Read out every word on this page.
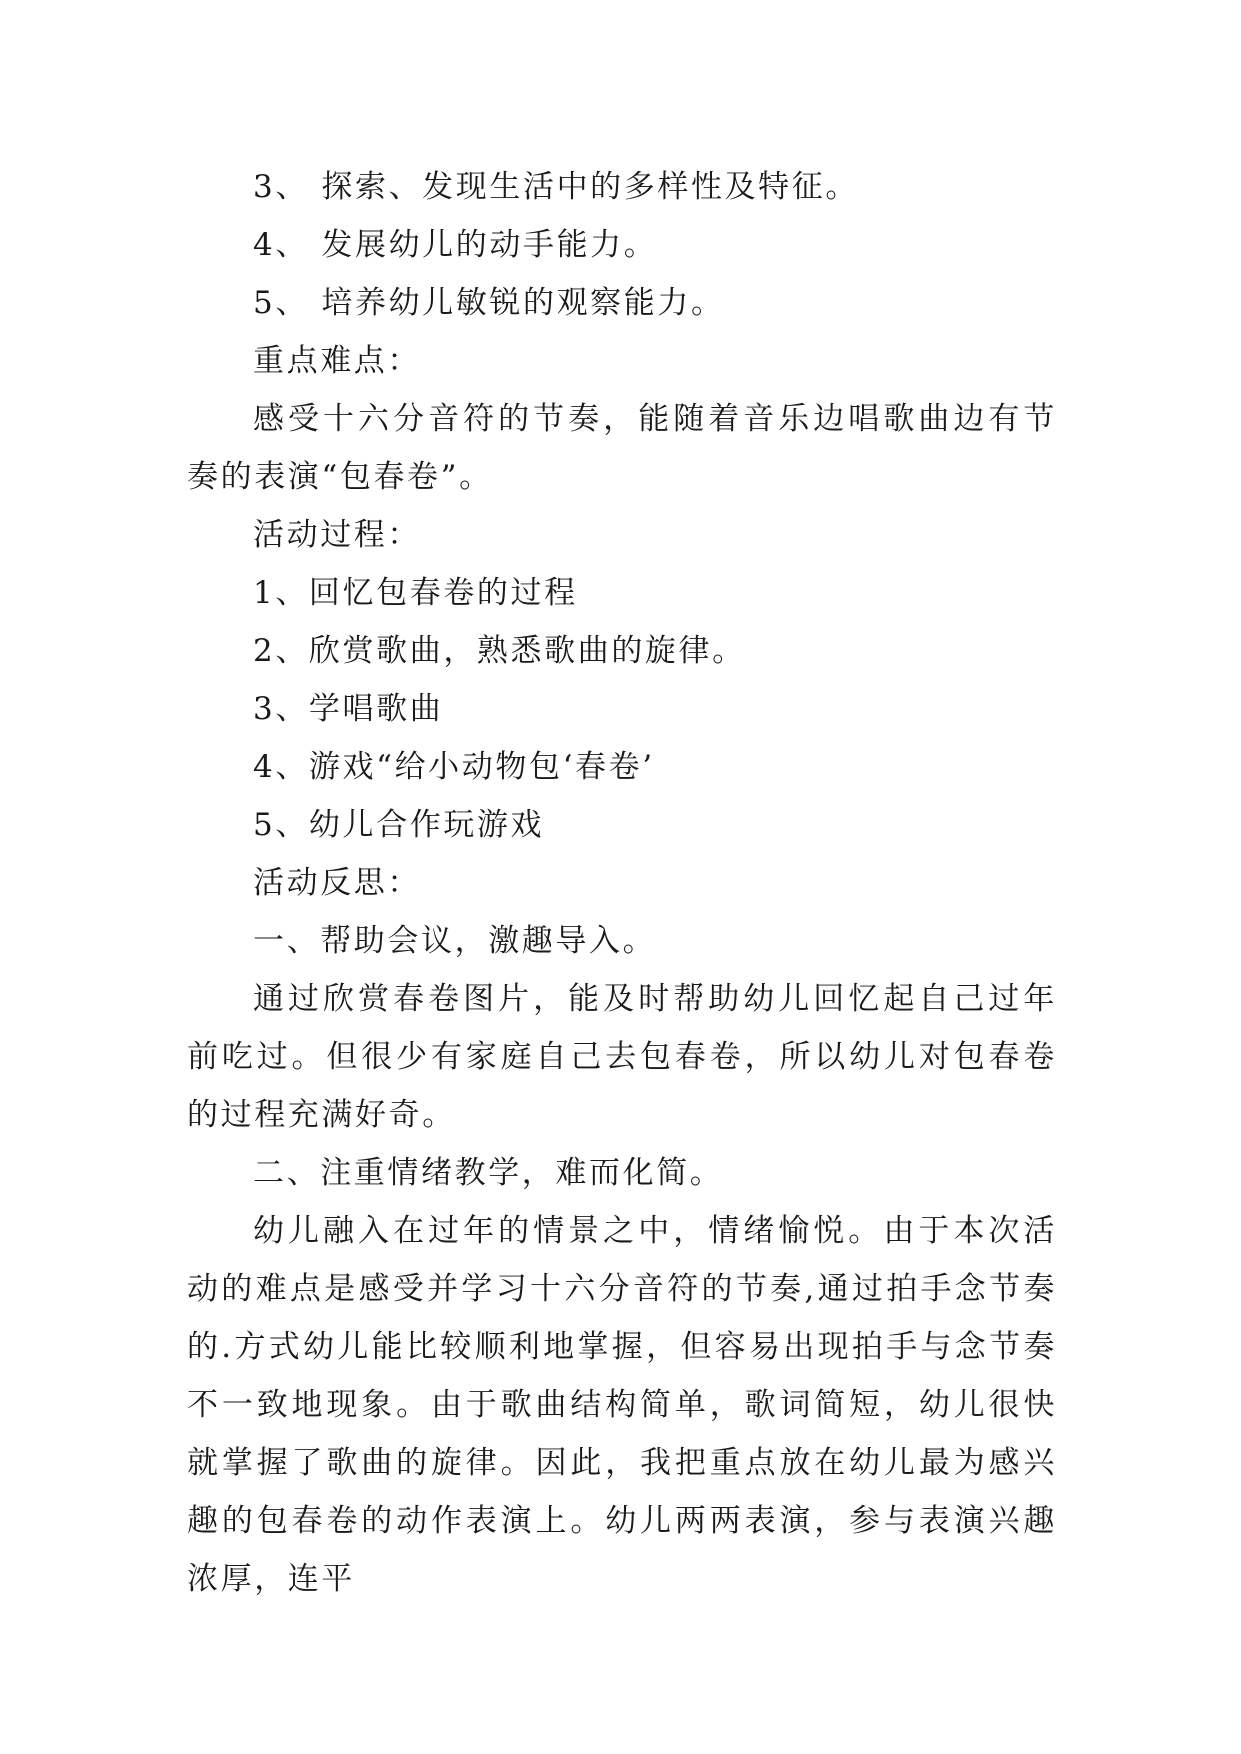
3、 探索、发现生活中的多样性及特征。

4、 发展幼儿的动手能力。

5、 培养幼儿敏锐的观察能力。

重点难点：

感受十六分音符的节奏，能随着音乐边唱歌曲边有节奏的表演“包春卷”。

活动过程：

1、回忆包春卷的过程

2、欣赏歌曲，熟悉歌曲的旋律。

3、学唱歌曲

4、游戏“给小动物包‘春卷’

5、幼儿合作玩游戏

活动反思：

一、帮助会议，激趣导入。

通过欣赏春卷图片，能及时帮助幼儿回忆起自己过年前吃过。但很少有家庭自己去包春卷，所以幼儿对包春卷的过程充满好奇。

二、注重情绪教学，难而化简。

幼儿融入在过年的情景之中，情绪愉悦。由于本次活动的难点是感受并学习十六分音符的节奏,通过拍手念节奏的.方式幼儿能比较顺利地掌握，但容易出现拍手与念节奏不一致地现象。由于歌曲结构简单，歌词简短，幼儿很快就掌握了歌曲的旋律。因此，我把重点放在幼儿最为感兴趣的包春卷的动作表演上。幼儿两两表演，参与表演兴趣浓厚，连平
